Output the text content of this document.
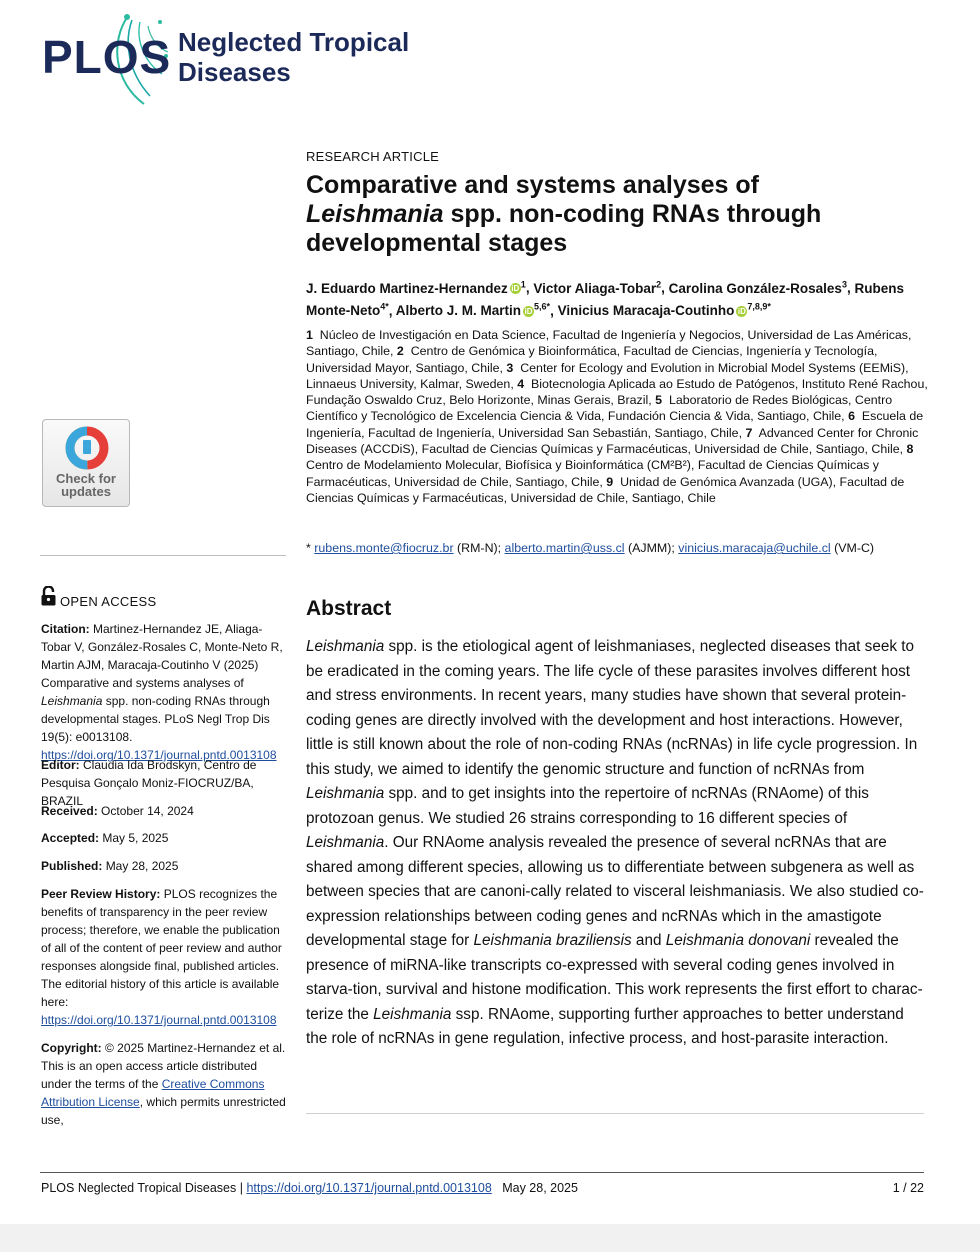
PLOS Neglected Tropical
Diseases
Check for updates
OPEN ACCESS
Citation: Martinez-Hernandez JE, Aliaga-Tobar V, González-Rosales C, Monte-Neto R, Martin AJM, Maracaja-Coutinho V (2025) Comparative and systems analyses of Leishmania spp. non-coding RNAs through developmental stages. PLoS Negl Trop Dis 19(5): e0013108. https://doi.org/10.1371/journal.pntd.0013108
Editor: Claudia Ida Brodskyn, Centro de Pesquisa Gonçalo Moniz-FIOCRUZ/BA, BRAZIL
Received: October 14, 2024
Accepted: May 5, 2025
Published: May 28, 2025
Peer Review History: PLOS recognizes the benefits of transparency in the peer review process; therefore, we enable the publication of all of the content of peer review and author responses alongside final, published articles. The editorial history of this article is available here: https://doi.org/10.1371/journal.pntd.0013108
Copyright: © 2025 Martinez-Hernandez et al. This is an open access article distributed under the terms of the Creative Commons Attribution License, which permits unrestricted use,
RESEARCH ARTICLE
Comparative and systems analyses of
Leishmania spp. non-coding RNAs through developmental stages
J. Eduardo Martinez-Hernandez iD $^1$, Victor Aliaga-Tobar$^2$, Carolina González-Rosales$^3$, Rubens Monte-Neto$^{4*}$, Alberto J. M. Martin iD $^{5,6*}$, Vinicius Maracaja-Coutinho iD $^{7,8,9*}$
1  Núcleo de Investigación en Data Science, Facultad de Ingeniería y Negocios, Universidad de Las Américas, Santiago, Chile, 2  Centro de Genómica y Bioinformática, Facultad de Ciencias, Ingeniería y Tecnología, Universidad Mayor, Santiago, Chile, 3  Center for Ecology and Evolution in Microbial Model Systems (EEMiS), Linnaeus University, Kalmar, Sweden, 4  Biotecnologia Aplicada ao Estudo de Patógenos, Instituto René Rachou, Fundação Oswaldo Cruz, Belo Horizonte, Minas Gerais, Brazil, 5  Laboratorio de Redes Biológicas, Centro Científico y Tecnológico de Excelencia Ciencia & Vida, Fundación Ciencia & Vida, Santiago, Chile, 6  Escuela de Ingeniería, Facultad de Ingeniería, Universidad San Sebastián, Santiago, Chile, 7  Advanced Center for Chronic Diseases (ACCDiS), Facultad de Ciencias Químicas y Farmacéuticas, Universidad de Chile, Santiago, Chile, 8  Centro de Modelamiento Molecular, Biofísica y Bioinformática (CM²B²), Facultad de Ciencias Químicas y Farmacéuticas, Universidad de Chile, Santiago, Chile, 9  Unidad de Genómica Avanzada (UGA), Facultad de Ciencias Químicas y Farmacéuticas, Universidad de Chile, Santiago, Chile
* rubens.monte@fiocruz.br (RM-N); alberto.martin@uss.cl (AJMM); vinicius.maracaja@uchile.cl (VM-C)
Abstract
Leishmania spp. is the etiological agent of leishmaniases, neglected diseases that seek to be eradicated in the coming years. The life cycle of these parasites involves different host and stress environments. In recent years, many studies have shown that several protein-coding genes are directly involved with the development and host interactions. However, little is still known about the role of non-coding RNAs (ncRNAs) in life cycle progression. In this study, we aimed to identify the genomic structure and function of ncRNAs from Leishmania spp. and to get insights into the repertoire of ncRNAs (RNAome) of this protozoan genus. We studied 26 strains corresponding to 16 different species of Leishmania. Our RNAome analysis revealed the presence of several ncRNAs that are shared among different species, allowing us to differentiate between subgenera as well as between species that are canoni-cally related to visceral leishmaniasis. We also studied co-expression relationships between coding genes and ncRNAs which in the amastigote developmental stage for Leishmania braziliensis and Leishmania donovani revealed the presence of miRNA-like transcripts co-expressed with several coding genes involved in starva-tion, survival and histone modification. This work represents the first effort to charac-terize the Leishmania ssp. RNAome, supporting further approaches to better understand the role of ncRNAs in gene regulation, infective process, and host-parasite interaction.
PLOS Neglected Tropical Diseases | https://doi.org/10.1371/journal.pntd.0013108 May 28, 2025	1 / 22
